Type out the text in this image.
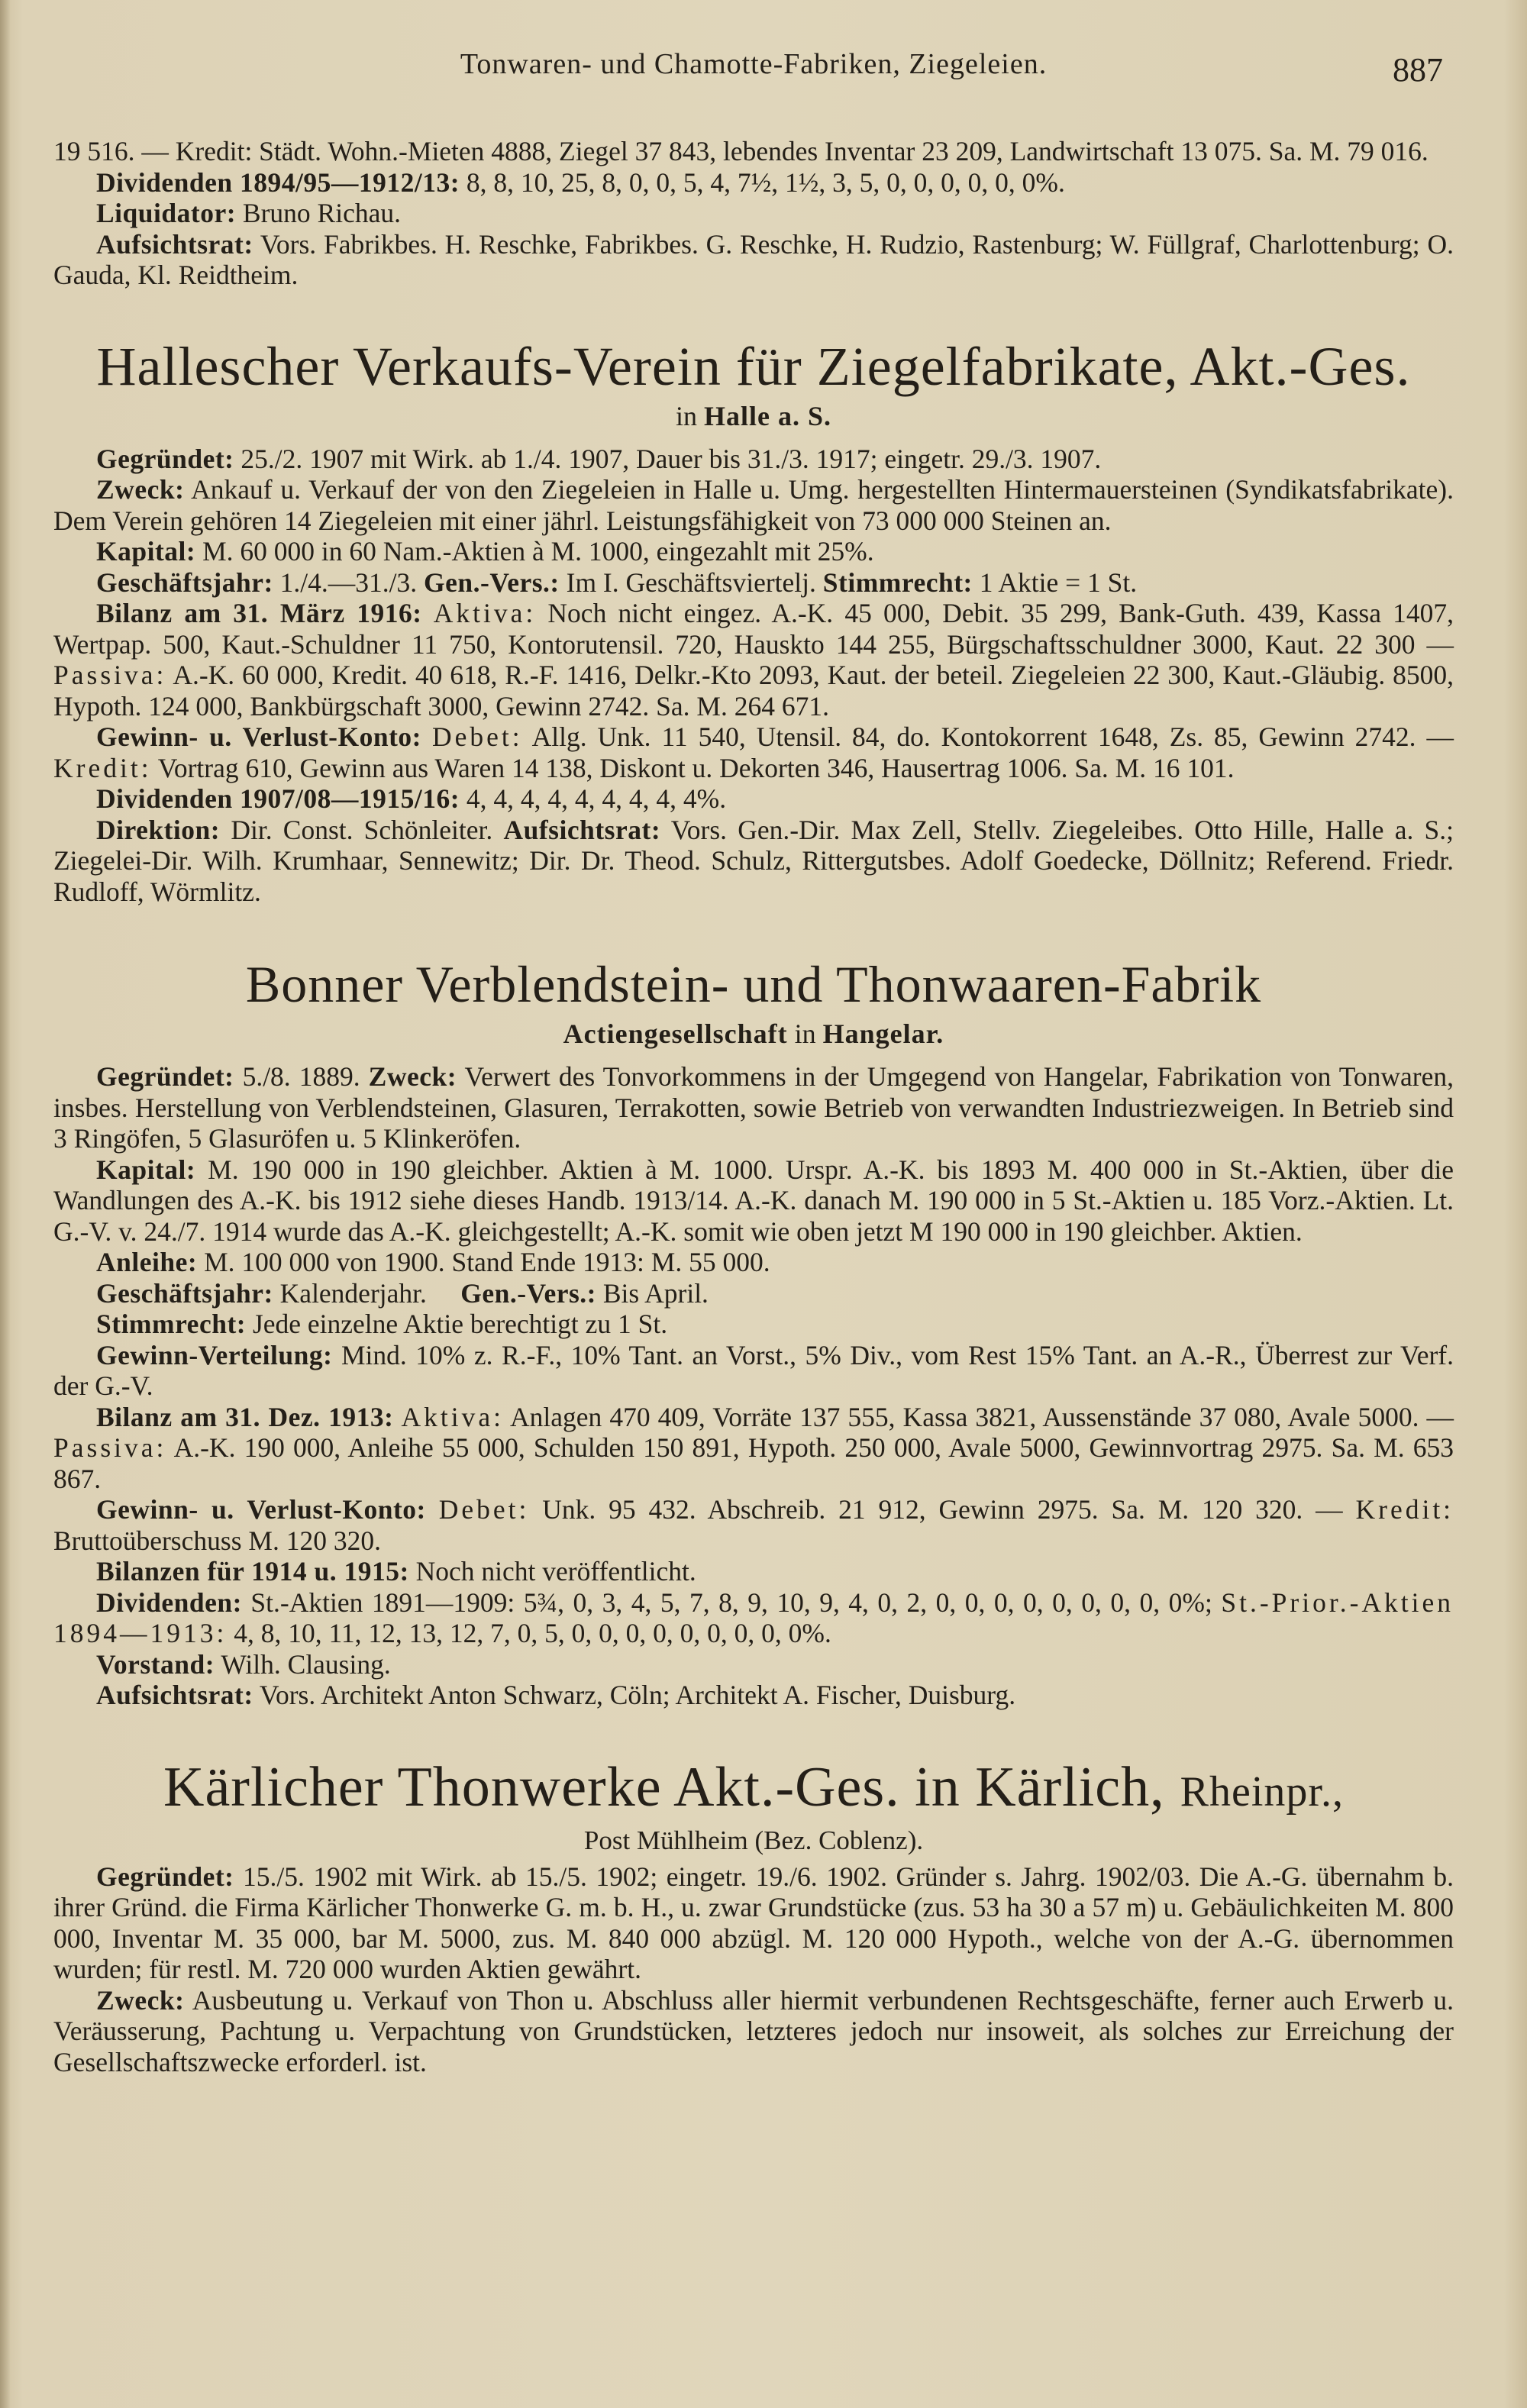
Tonwaren- und Chamotte-Fabriken, Ziegeleien.	887

19 516. — Kredit: Städt. Wohn.-Mieten 4888, Ziegel 37 843, lebendes Inventar 23 209, Landwirtschaft 13 075. Sa. M. 79 016.

Dividenden 1894/95—1912/13: 8, 8, 10, 25, 8, 0, 0, 5, 4, 7½, 1½, 3, 5, 0, 0, 0, 0, 0, 0%.

Liquidator: Bruno Richau.

Aufsichtsrat: Vors. Fabrikbes. H. Reschke, Fabrikbes. G. Reschke, H. Rudzio, Rastenburg; W. Füllgraf, Charlottenburg; O. Gauda, Kl. Reidtheim.

Hallescher Verkaufs-Verein für Ziegelfabrikate, Akt.-Ges.
in Halle a. S.

Gegründet: 25./2. 1907 mit Wirk. ab 1./4. 1907, Dauer bis 31./3. 1917; eingetr. 29./3. 1907.

Zweck: Ankauf u. Verkauf der von den Ziegeleien in Halle u. Umg. hergestellten Hintermauersteinen (Syndikatsfabrikate). Dem Verein gehören 14 Ziegeleien mit einer jährl. Leistungsfähigkeit von 73 000 000 Steinen an.

Kapital: M. 60 000 in 60 Nam.-Aktien à M. 1000, eingezahlt mit 25%.

Geschäftsjahr: 1./4.—31./3. Gen.-Vers.: Im I. Geschäftsviertelj. Stimmrecht: 1 Aktie = 1 St.

Bilanz am 31. März 1916: Aktiva: Noch nicht eingez. A.-K. 45 000, Debit. 35 299, Bank-Guth. 439, Kassa 1407, Wertpap. 500, Kaut.-Schuldner 11 750, Kontorutensil. 720, Hauskto 144 255, Bürgschaftsschuldner 3000, Kaut. 22 300 — Passiva: A.-K. 60 000, Kredit. 40 618, R.-F. 1416, Delkr.-Kto 2093, Kaut. der beteil. Ziegeleien 22 300, Kaut.-Gläubig. 8500, Hypoth. 124 000, Bankbürgschaft 3000, Gewinn 2742. Sa. M. 264 671.

Gewinn- u. Verlust-Konto: Debet: Allg. Unk. 11 540, Utensil. 84, do. Kontokorrent 1648, Zs. 85, Gewinn 2742. — Kredit: Vortrag 610, Gewinn aus Waren 14 138, Diskont u. Dekorten 346, Hausertrag 1006. Sa. M. 16 101.

Dividenden 1907/08—1915/16: 4, 4, 4, 4, 4, 4, 4, 4, 4%.

Direktion: Dir. Const. Schönleiter. Aufsichtsrat: Vors. Gen.-Dir. Max Zell, Stellv. Ziegeleibes. Otto Hille, Halle a. S.; Ziegelei-Dir. Wilh. Krumhaar, Sennewitz; Dir. Dr. Theod. Schulz, Rittergutsbes. Adolf Goedecke, Döllnitz; Referend. Friedr. Rudloff, Wörmlitz.

Bonner Verblendstein- und Thonwaaren-Fabrik
Actiengesellschaft in Hangelar.

Gegründet: 5./8. 1889. Zweck: Verwert des Tonvorkommens in der Umgegend von Hangelar, Fabrikation von Tonwaren, insbes. Herstellung von Verblendsteinen, Glasuren, Terrakotten, sowie Betrieb von verwandten Industriezweigen. In Betrieb sind 3 Ringöfen, 5 Glasuröfen u. 5 Klinkeröfen.

Kapital: M. 190 000 in 190 gleichber. Aktien à M. 1000. Urspr. A.-K. bis 1893 M. 400 000 in St.-Aktien, über die Wandlungen des A.-K. bis 1912 siehe dieses Handb. 1913/14. A.-K. danach M. 190 000 in 5 St.-Aktien u. 185 Vorz.-Aktien. Lt. G.-V. v. 24./7. 1914 wurde das A.-K. gleichgestellt; A.-K. somit wie oben jetzt M 190 000 in 190 gleichber. Aktien.

Anleihe: M. 100 000 von 1900. Stand Ende 1913: M. 55 000.

Geschäftsjahr: Kalenderjahr. Gen.-Vers.: Bis April.

Stimmrecht: Jede einzelne Aktie berechtigt zu 1 St.

Gewinn-Verteilung: Mind. 10% z. R.-F., 10% Tant. an Vorst., 5% Div., vom Rest 15% Tant. an A.-R., Überrest zur Verf. der G.-V.

Bilanz am 31. Dez. 1913: Aktiva: Anlagen 470 409, Vorräte 137 555, Kassa 3821, Aussenstände 37 080, Avale 5000. — Passiva: A.-K. 190 000, Anleihe 55 000, Schulden 150 891, Hypoth. 250 000, Avale 5000, Gewinnvortrag 2975. Sa. M. 653 867.

Gewinn- u. Verlust-Konto: Debet: Unk. 95 432. Abschreib. 21 912, Gewinn 2975. Sa. M. 120 320. — Kredit: Bruttoüberschuss M. 120 320.

Bilanzen für 1914 u. 1915: Noch nicht veröffentlicht.

Dividenden: St.-Aktien 1891—1909: 5¾, 0, 3, 4, 5, 7, 8, 9, 10, 9, 4, 0, 2, 0, 0, 0, 0, 0, 0, 0, 0, 0%; St.-Prior.-Aktien 1894—1913: 4, 8, 10, 11, 12, 13, 12, 7, 0, 5, 0, 0, 0, 0, 0, 0, 0, 0, 0%.

Vorstand: Wilh. Clausing.

Aufsichtsrat: Vors. Architekt Anton Schwarz, Cöln; Architekt A. Fischer, Duisburg.

Kärlicher Thonwerke Akt.-Ges. in Kärlich, Rheinpr.,
Post Mühlheim (Bez. Coblenz).

Gegründet: 15./5. 1902 mit Wirk. ab 15./5. 1902; eingetr. 19./6. 1902. Gründer s. Jahrg. 1902/03. Die A.-G. übernahm b. ihrer Gründ. die Firma Kärlicher Thonwerke G. m. b. H., u. zwar Grundstücke (zus. 53 ha 30 a 57 m) u. Gebäulichkeiten M. 800 000, Inventar M. 35 000, bar M. 5000, zus. M. 840 000 abzügl. M. 120 000 Hypoth., welche von der A.-G. übernommen wurden; für restl. M. 720 000 wurden Aktien gewährt.

Zweck: Ausbeutung u. Verkauf von Thon u. Abschluss aller hiermit verbundenen Rechtsgeschäfte, ferner auch Erwerb u. Veräusserung, Pachtung u. Verpachtung von Grundstücken, letzteres jedoch nur insoweit, als solches zur Erreichung der Gesellschaftszwecke erforderl. ist.
